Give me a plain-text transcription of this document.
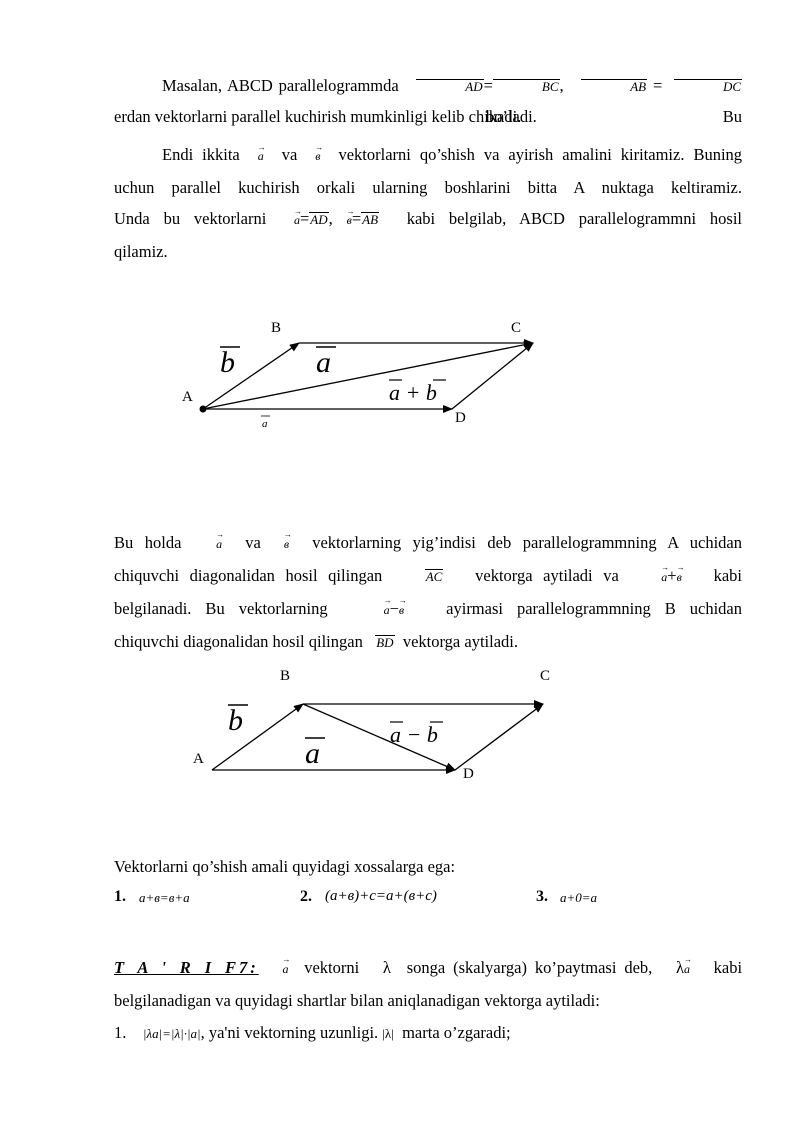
Masalan, ABCD parallelogrammda	AD=	BC,	AB =	DC   bo’ladi. Bu
erdan vektorlarni parallel kuchirish mumkinligi kelib chikadi.
Endi ikkita → a va → в vektorlarni qo’shish va ayirish amalini kiritamiz. Buning
uchun parallel kuchirish orkali ularning boshlarini bitta A nuktaga keltiramiz.
Unda bu vektorlarni → a=AD, → в=AB kabi belgilab, ABCD parallelogrammni hosil
qilamiz.
B	C
A
D
b	a
a + b
a
Bu holda	→ a va → в vektorlarning yig’indisi deb parallelogrammning A uchidan
chiquvchi diagonalidan hosil qilingan	AC vektorga aytiladi va	→ a+→ в kabi
belgilanadi. Bu vektorlarning	→ a−→ в	ayirmasi parallelogrammning B uchidan
chiquvchi diagonalidan hosil qilingan BD vektorga aytiladi.
B	C
A
D
b
a
a − b
Vektorlarni qo’shish amali quyidagi xossalarga ega:
1. a+в=в+a	2. (a+в)+c=a+(в+c)	3. a+0=a
T A ' R I F7: → a vektorni λ songa (skalyarga) ko’paytmasi deb,   λ→ a kabi
belgilanadigan va quyidagi shartlar bilan aniqlanadigan vektorga aytiladi:
1. |λa|=|λ|·|a|, ya'ni vektorning uzunligi. |λ| marta o’zgaradi;
